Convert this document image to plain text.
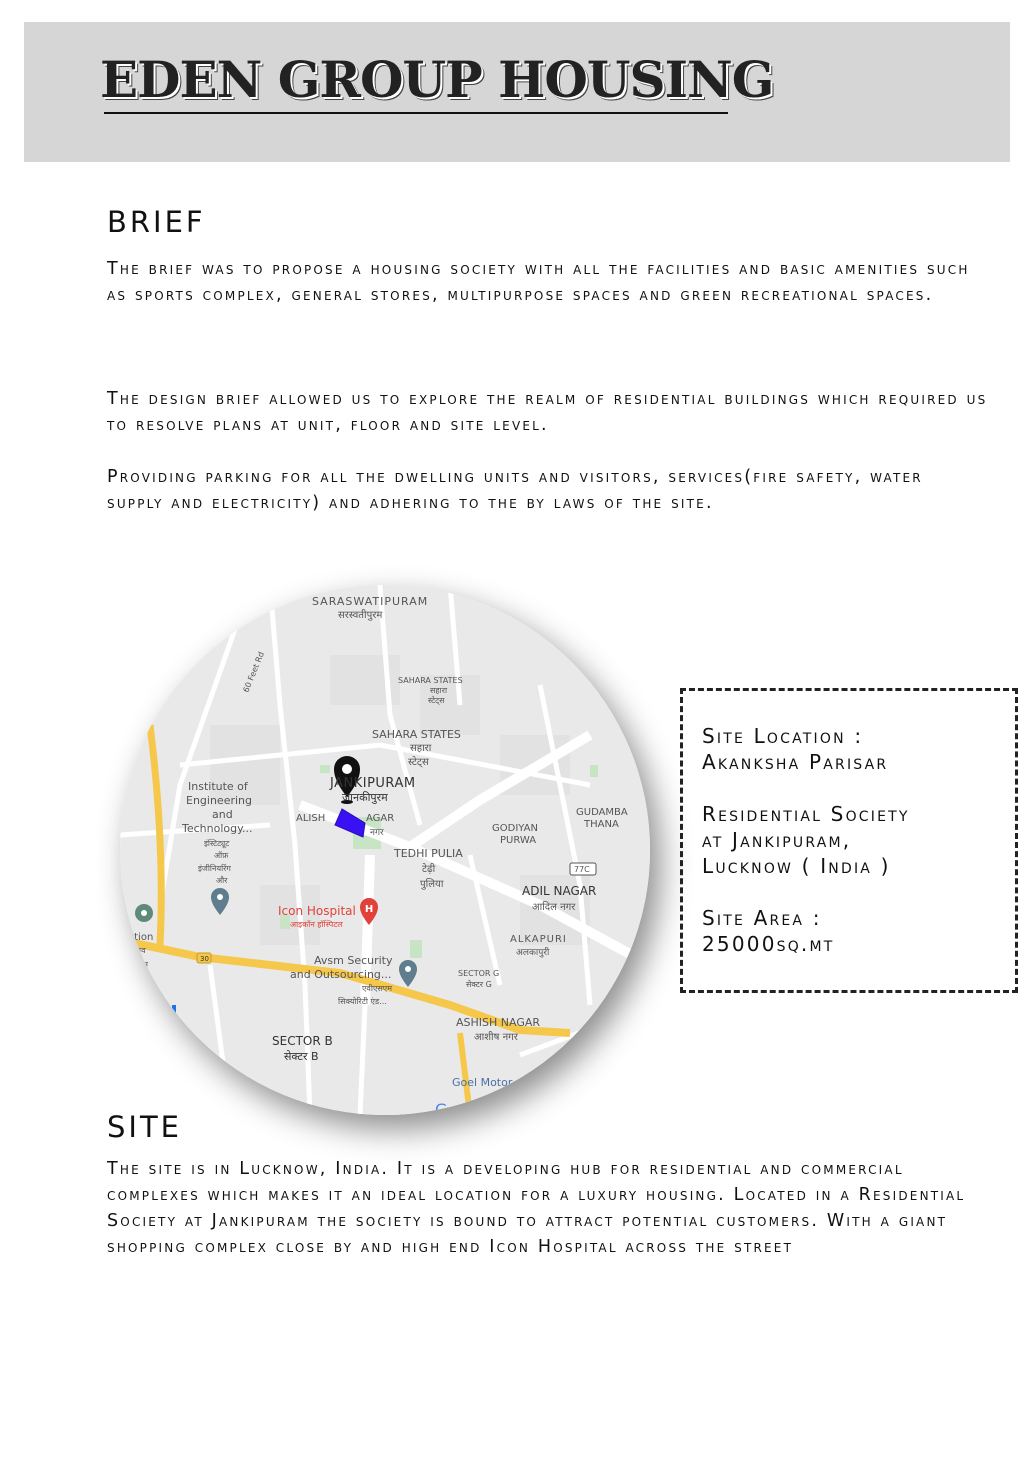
EDEN GROUP HOUSING
BRIEF

The brief was to propose a housing society with all the facilities and basic amenities such as sports complex, general stores, multipurpose spaces and green recreational spaces.

The design brief allowed us to explore the realm of residential buildings which required us to resolve plans at unit, floor and site level.

Providing parking for all the dwelling units and visitors, services(fire safety, water supply and electricity) and adhering to the by laws of the site.

H
SARASWATIPURAM
सरस्वतीपुरम
SAHARA STATES
सहारा
स्टेट्स
SAHARA STATES
सहारा
स्टेट्स
60 Feet Rd
Institute of
Engineering
and
Technology...
इंस्टिट्यूट
ऑफ़
इंजीनियरिंग
और
JANKIPURAM
जानकीपुरम
ALISH	AGAR
नगर
GUDAMBA
THANA
GODIYAN
PURWA
TEDHI PULIA
टेढ़ी
पुलिया
77C
ADIL NAGAR
आदिल नगर
Icon Hospital
आइकॉन हॉस्पिटल
ALKAPURI
अलकापुरी
ation
डियाव
टेशन
30	Avsm Security
and Outsourcing...
एवीएसएम
सिक्योरिटी एंड...
SECTOR G
सेक्टर G
ASHISH NAGAR
आशीष नगर
SECTOR B
सेक्टर B
Goel Motor
G

Site Location :

Akanksha Parisar

Residential Society

at Jankipuram,

Lucknow ( India )

Site Area :

25000sq.mt

SITE

The site is in Lucknow, India. It is a developing hub for residential and commercial complexes which makes it an ideal location for a luxury housing. Located in a Residential Society at Jankipuram the society is bound to attract potential customers. With a giant shopping complex close by and high end Icon Hospital across the street
